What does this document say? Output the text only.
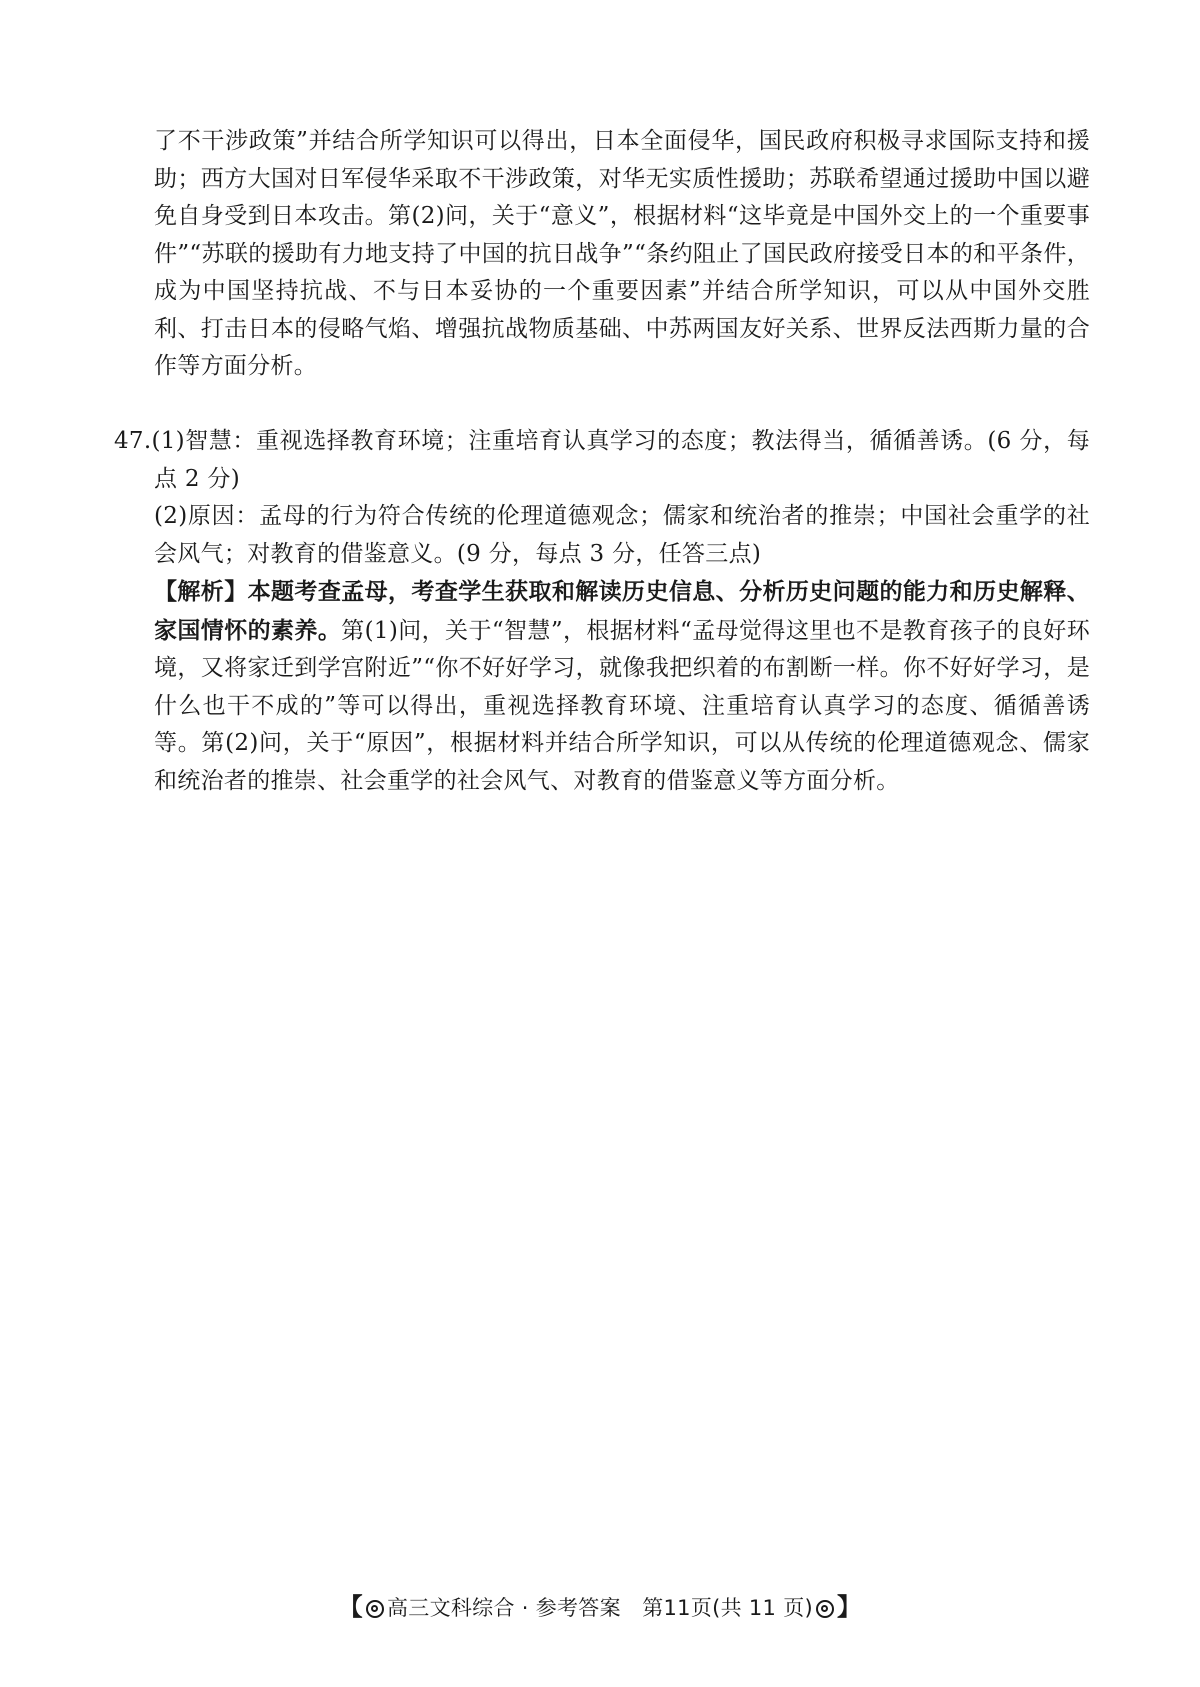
了不干涉政策”并结合所学知识可以得出，日本全面侵华，国民政府积极寻求国际支持和援助；西方大国对日军侵华采取不干涉政策，对华无实质性援助；苏联希望通过援助中国以避免自身受到日本攻击。第(2)问，关于“意义”，根据材料“这毕竟是中国外交上的一个重要事件”“苏联的援助有力地支持了中国的抗日战争”“条约阻止了国民政府接受日本的和平条件，成为中国坚持抗战、不与日本妥协的一个重要因素”并结合所学知识，可以从中国外交胜利、打击日本的侵略气焰、增强抗战物质基础、中苏两国友好关系、世界反法西斯力量的合作等方面分析。

47.(1)智慧：重视选择教育环境；注重培育认真学习的态度；教法得当，循循善诱。(6 分，每点 2 分)

(2)原因：孟母的行为符合传统的伦理道德观念；儒家和统治者的推崇；中国社会重学的社会风气；对教育的借鉴意义。(9 分，每点 3 分，任答三点)

【解析】本题考查孟母，考查学生获取和解读历史信息、分析历史问题的能力和历史解释、家国情怀的素养。第(1)问，关于“智慧”，根据材料“孟母觉得这里也不是教育孩子的良好环境，又将家迁到学宫附近”“你不好好学习，就像我把织着的布割断一样。你不好好学习，是什么也干不成的”等可以得出，重视选择教育环境、注重培育认真学习的态度、循循善诱等。第(2)问，关于“原因”，根据材料并结合所学知识，可以从传统的伦理道德观念、儒家和统治者的推崇、社会重学的社会风气、对教育的借鉴意义等方面分析。

【 高三文科综合 · 参考答案　第11页(共 11 页) 】
